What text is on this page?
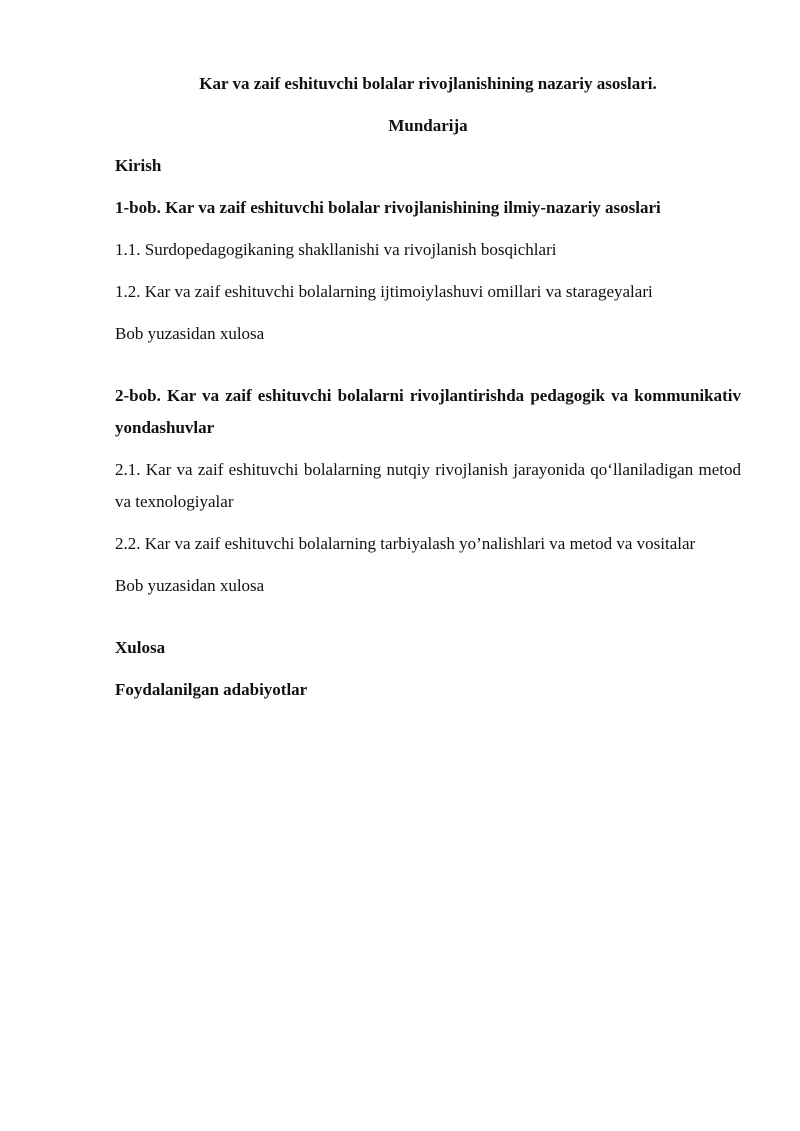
Kar va zaif eshituvchi bolalar rivojlanishining nazariy asoslari.

Mundarija

Kirish

1-bob. Kar va zaif eshituvchi bolalar rivojlanishining ilmiy-nazariy asoslari

1.1. Surdopedagogikaning shakllanishi va rivojlanish bosqichlari

1.2. Kar va zaif eshituvchi bolalarning ijtimoiylashuvi omillari va starageyalari

Bob yuzasidan xulosa

2-bob. Kar va zaif eshituvchi bolalarni rivojlantirishda pedagogik va kommunikativ yondashuvlar

2.1. Kar va zaif eshituvchi bolalarning nutqiy rivojlanish jarayonida qo‘llaniladigan metod va texnologiyalar

2.2. Kar va zaif eshituvchi bolalarning tarbiyalash yo’nalishlari va metod va vositalar

Bob yuzasidan xulosa

Xulosa

Foydalanilgan adabiyotlar
